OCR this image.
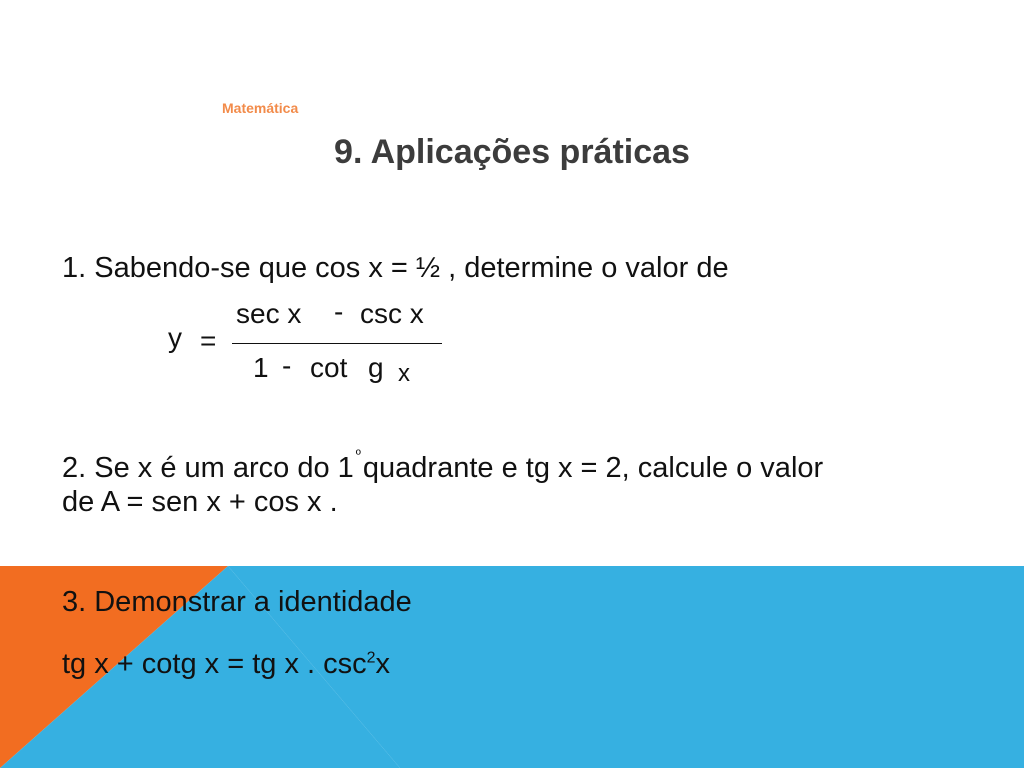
Matemática
9. Aplicações práticas
1. Sabendo-se que cos x = ½ , determine o valor de
y =
sec x - csc x
1 - cot g x
2. Se x é um arco do 1 $^º$quadrante e tg x = 2, calcule o valor
de A = sen x + cos x .
3. Demonstrar a identidade
tg x + cotg x = tg x . $\csc^2x$
